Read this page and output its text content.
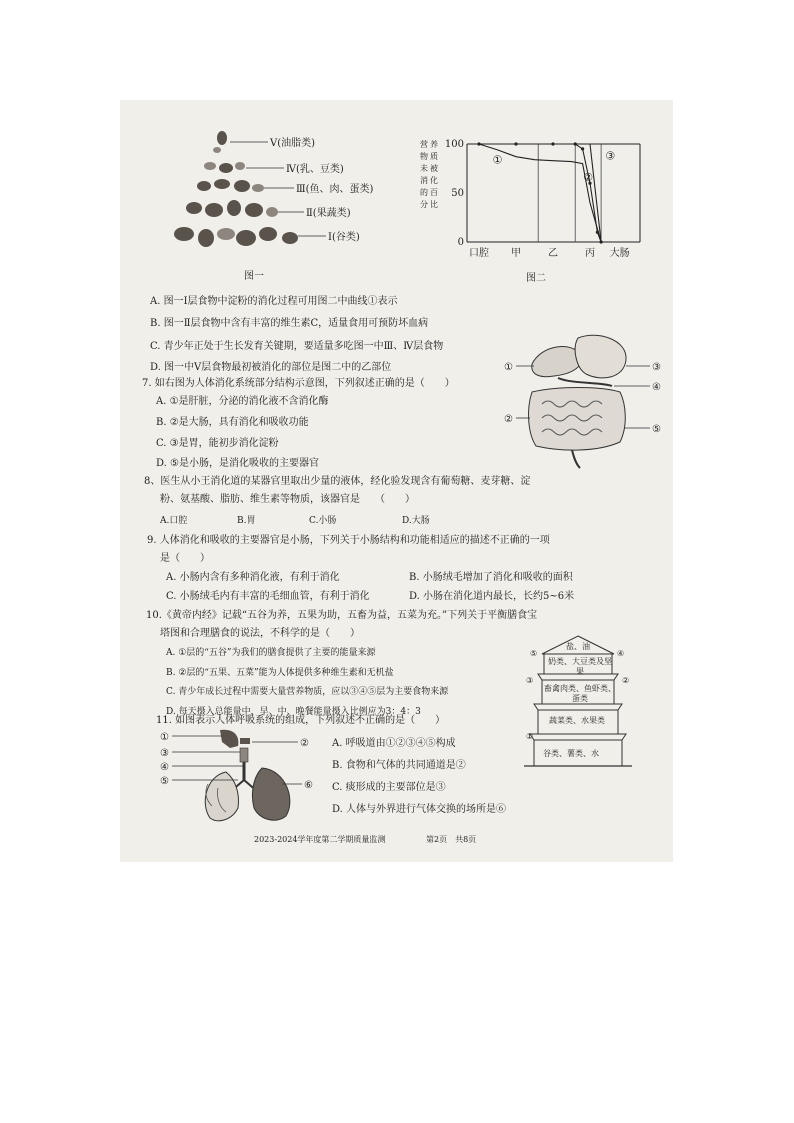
Ⅴ(油脂类)
Ⅳ(乳、豆类)
Ⅲ(鱼、肉、蛋类)
Ⅱ(果蔬类)
Ⅰ(谷类)
图一
营 养
物 质
未 被
消 化
的 百
分 比
0
50
100
口腔 甲	乙	丙 大肠
①
②
③
图二
A. 图一Ⅰ层食物中淀粉的消化过程可用图二中曲线①表示
B. 图一Ⅱ层食物中含有丰富的维生素C，适量食用可预防坏血病
C. 青少年正处于生长发育关键期，要适量多吃图一中Ⅲ、Ⅳ层食物
D. 图一中Ⅴ层食物最初被消化的部位是图二中的乙部位
7. 如右图为人体消化系统部分结构示意图，下列叙述正确的是（　　）
A. ①是肝脏，分泌的消化液不含消化酶
B. ②是大肠，具有消化和吸收功能
C. ③是胃，能初步消化淀粉
D. ⑤是小肠，是消化吸收的主要器官
①	③
④
②
⑤
8、医生从小王消化道的某器官里取出少量的液体，经化验发现含有葡萄糖、麦芽糖、淀
粉、氨基酸、脂肪、维生素等物质，该器官是　　（　　）
A.口腔	B.胃	C.小肠	D.大肠
9. 人体消化和吸收的主要器官是小肠，下列关于小肠结构和功能相适应的描述不正确的一项
是（　　）
A. 小肠内含有多种消化液，有利于消化	B. 小肠绒毛增加了消化和吸收的面积
C. 小肠绒毛内有丰富的毛细血管，有利于消化	D. 小肠在消化道内最长，长约5~6米
10.《黄帝内经》记载“五谷为养，五果为助，五畜为益，五菜为充。”下列关于平衡膳食宝
塔图和合理膳食的说法，不科学的是（　　）
A. ①层的“五谷”为我们的膳食提供了主要的能量来源
B. ②层的“五果、五菜”能为人体提供多种维生素和无机盐
C. 青少年成长过程中需要大量营养物质，应以③④⑤层为主要食物来源
D. 每天摄入总能量中，早、中、晚餐能量摄入比例应为3：4：3
⑤	④
③	②
①
盐、油
奶类、大豆类及坚果
畜禽肉类、鱼虾类、蛋类
蔬菜类、水果类
谷类、薯类、水
11. 如图表示人体呼吸系统的组成，下列叙述不正确的是（　　）
A. 呼吸道由①②③④⑤构成
B. 食物和气体的共同通道是②
C. 痰形成的主要部位是③
D. 人体与外界进行气体交换的场所是⑥
①
②
③
④
⑤	⑥
2023-2024学年度第二学期质量监测	第2页　共8页
